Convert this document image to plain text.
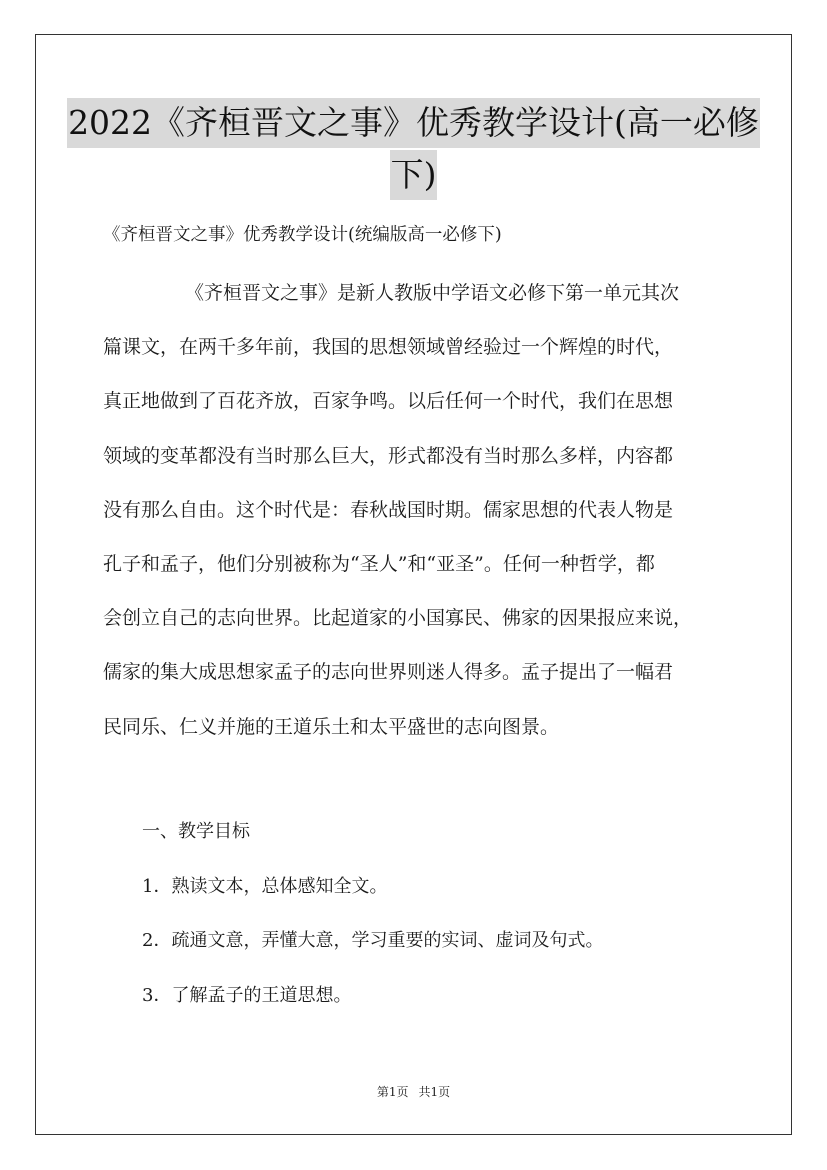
2022《齐桓晋文之事》优秀教学设计(高一必修
下)
《齐桓晋文之事》优秀教学设计(统编版高一必修下)
《齐桓晋文之事》是新人教版中学语文必修下第一单元其次
篇课文，在两千多年前，我国的思想领域曾经验过一个辉煌的时代，
真正地做到了百花齐放，百家争鸣。以后任何一个时代，我们在思想
领域的变革都没有当时那么巨大，形式都没有当时那么多样，内容都
没有那么自由。这个时代是：春秋战国时期。儒家思想的代表人物是
孔子和孟子，他们分别被称为“圣人”和“亚圣”。任何一种哲学，都
会创立自己的志向世界。比起道家的小国寡民、佛家的因果报应来说，
儒家的集大成思想家孟子的志向世界则迷人得多。孟子提出了一幅君
民同乐、仁义并施的王道乐土和太平盛世的志向图景。
一、教学目标
1．熟读文本，总体感知全文。
2．疏通文意，弄懂大意，学习重要的实词、虚词及句式。
3．了解孟子的王道思想。
第1页 共1页
